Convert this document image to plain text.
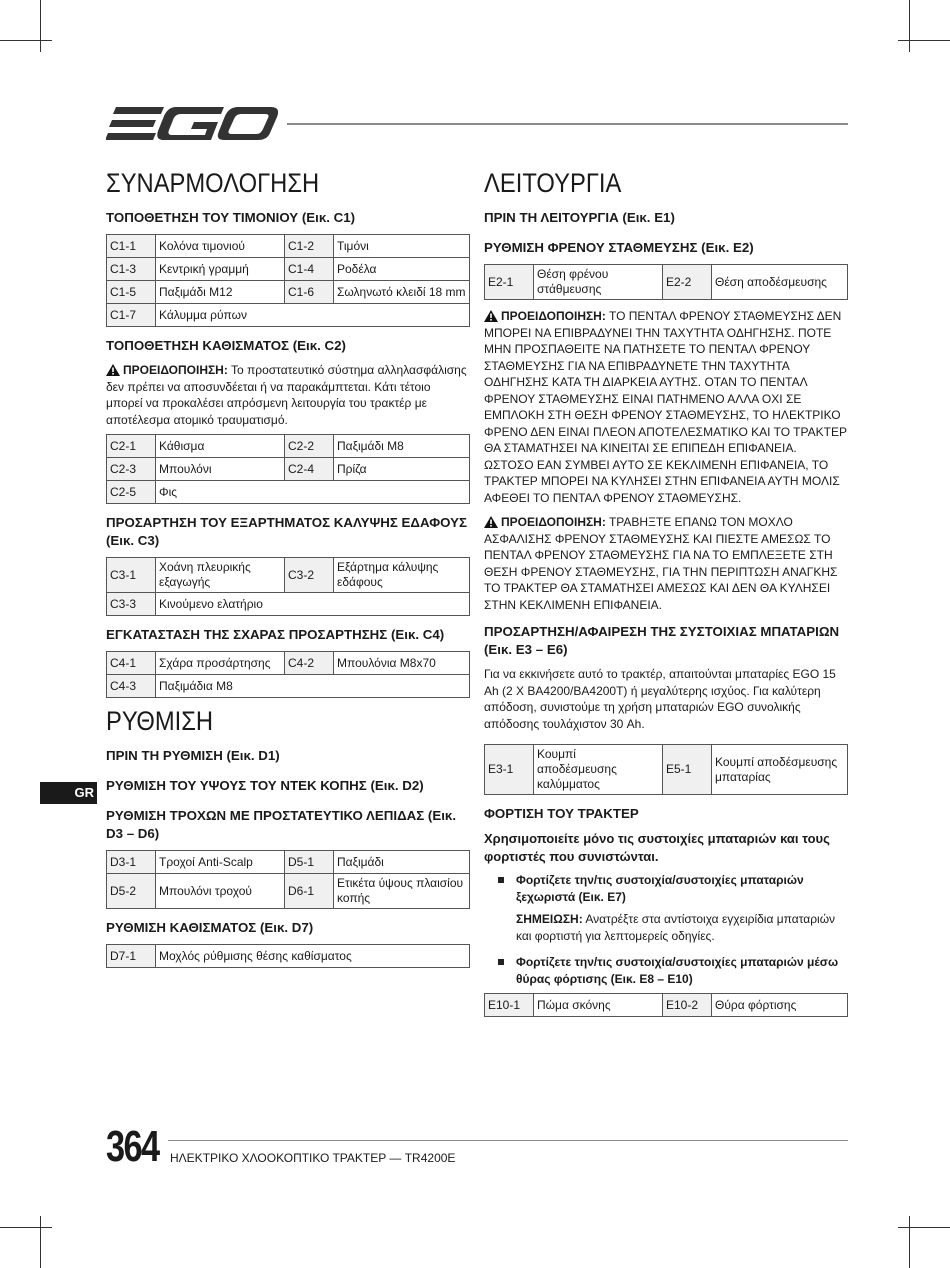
ΣΥΝΑΡΜΟΛΟΓΗΣΗ
ΤΟΠΟΘΕΤΗΣΗ ΤΟΥ ΤΙΜΟΝΙΟΥ (Εικ. C1)
C1-1	Κολόνα τιμονιού	C1-2	Τιμόνι
C1-3	Κεντρική γραμμή	C1-4	Ροδέλα
C1-5	Παξιμάδι M12	C1-6	Σωληνωτό κλειδί 18 mm
C1-7	Κάλυμμα ρύπων		
ΤΟΠΟΘΕΤΗΣΗ ΚΑΘΙΣΜΑΤΟΣ (Εικ. C2)

ΠΡΟΕΙΔΟΠΟΙΗΣΗ: Το προστατευτικό σύστημα αλληλασφάλισης δεν πρέπει να αποσυνδέεται ή να παρακάμπτεται. Κάτι τέτοιο μπορεί να προκαλέσει απρόσμενη λειτουργία του τρακτέρ με αποτέλεσμα ατομικό τραυματισμό.

C2-1	Κάθισμα	C2-2	Παξιμάδι M8
C2-3	Μπουλόνι	C2-4	Πρίζα
C2-5	Φις		
ΠΡΟΣΑΡΤΗΣΗ ΤΟΥ ΕΞΑΡΤΗΜΑΤΟΣ ΚΑΛΥΨΗΣ ΕΔΑΦΟΥΣ (Εικ. C3)
C3-1	Χοάνη πλευρικής εξαγωγής	C3-2	Εξάρτημα κάλυψης εδάφους
C3-3	Κινούμενο ελατήριο		
ΕΓΚΑΤΑΣΤΑΣΗ ΤΗΣ ΣΧΑΡΑΣ ΠΡΟΣΑΡΤΗΣΗΣ (Εικ. C4)
C4-1	Σχάρα προσάρτησης	C4-2	Μπουλόνια M8x70
C4-3	Παξιμάδια M8		
ΡΥΘΜΙΣΗ
ΠΡΙΝ ΤΗ ΡΥΘΜΙΣΗ (Εικ. D1)
ΡΥΘΜΙΣΗ ΤΟΥ ΥΨΟΥΣ ΤΟΥ ΝΤΕΚ ΚΟΠΗΣ (Εικ. D2)
ΡΥΘΜΙΣΗ ΤΡΟΧΩΝ ΜΕ ΠΡΟΣΤΑΤΕΥΤΙΚΟ ΛΕΠΙΔΑΣ (Εικ. D3 – D6)
D3-1	Τροχοί Anti-Scalp	D5-1	Παξιμάδι
D5-2	Μπουλόνι τροχού	D6-1	Ετικέτα ύψους πλαισίου κοπής
ΡΥΘΜΙΣΗ ΚΑΘΙΣΜΑΤΟΣ (Εικ. D7)
D7-1	Μοχλός ρύθμισης θέσης καθίσματος
ΛΕΙΤΟΥΡΓΙΑ
ΠΡΙΝ ΤΗ ΛΕΙΤΟΥΡΓΙΑ (Εικ. E1)
ΡΥΘΜΙΣΗ ΦΡΕΝΟΥ ΣΤΑΘΜΕΥΣΗΣ (Εικ. E2)
E2-1	Θέση φρένου στάθμευσης	E2-2	Θέση αποδέσμευσης

ΠΡΟΕΙΔΟΠΟΙΗΣΗ: ΤΟ ΠΕΝΤΑΛ ΦΡΕΝΟΥ ΣΤΑΘΜΕΥΣΗΣ ΔΕΝ ΜΠΟΡΕΙ ΝΑ ΕΠΙΒΡΑΔΥΝΕΙ ΤΗΝ ΤΑΧΥΤΗΤΑ ΟΔΗΓΗΣΗΣ. ΠΟΤΕ ΜΗΝ ΠΡΟΣΠΑΘΕΙΤΕ ΝΑ ΠΑΤΗΣΕΤΕ ΤΟ ΠΕΝΤΑΛ ΦΡΕΝΟΥ ΣΤΑΘΜΕΥΣΗΣ ΓΙΑ ΝΑ ΕΠΙΒΡΑΔΥΝΕΤΕ ΤΗΝ ΤΑΧΥΤΗΤΑ ΟΔΗΓΗΣΗΣ ΚΑΤΑ ΤΗ ΔΙΑΡΚΕΙΑ ΑΥΤΗΣ. ΟΤΑΝ ΤΟ ΠΕΝΤΑΛ ΦΡΕΝΟΥ ΣΤΑΘΜΕΥΣΗΣ ΕΙΝΑΙ ΠΑΤΗΜΕΝΟ ΑΛΛΑ ΟΧΙ ΣΕ ΕΜΠΛΟΚΗ ΣΤΗ ΘΕΣΗ ΦΡΕΝΟΥ ΣΤΑΘΜΕΥΣΗΣ, ΤΟ ΗΛΕΚΤΡΙΚΟ ΦΡΕΝΟ ΔΕΝ ΕΙΝΑΙ ΠΛΕΟΝ ΑΠΟΤΕΛΕΣΜΑΤΙΚΟ ΚΑΙ ΤΟ ΤΡΑΚΤΕΡ ΘΑ ΣΤΑΜΑΤΗΣΕΙ ΝΑ ΚΙΝΕΙΤΑΙ ΣΕ ΕΠΙΠΕΔΗ ΕΠΙΦΑΝΕΙΑ. ΩΣΤΟΣΟ ΕΑΝ ΣΥΜΒΕΙ ΑΥΤΟ ΣΕ ΚΕΚΛΙΜΕΝΗ ΕΠΙΦΑΝΕΙΑ, ΤΟ ΤΡΑΚΤΕΡ ΜΠΟΡΕΙ ΝΑ ΚΥΛΗΣΕΙ ΣΤΗΝ ΕΠΙΦΑΝΕΙΑ ΑΥΤΗ ΜΟΛΙΣ ΑΦΕΘΕΙ ΤΟ ΠΕΝΤΑΛ ΦΡΕΝΟΥ ΣΤΑΘΜΕΥΣΗΣ.

ΠΡΟΕΙΔΟΠΟΙΗΣΗ: ΤΡΑΒΗΞΤΕ ΕΠΑΝΩ ΤΟΝ ΜΟΧΛΟ ΑΣΦΑΛΙΣΗΣ ΦΡΕΝΟΥ ΣΤΑΘΜΕΥΣΗΣ ΚΑΙ ΠΙΕΣΤΕ ΑΜΕΣΩΣ ΤΟ ΠΕΝΤΑΛ ΦΡΕΝΟΥ ΣΤΑΘΜΕΥΣΗΣ ΓΙΑ ΝΑ ΤΟ ΕΜΠΛΕΞΕΤΕ ΣΤΗ ΘΕΣΗ ΦΡΕΝΟΥ ΣΤΑΘΜΕΥΣΗΣ, ΓΙΑ ΤΗΝ ΠΕΡΙΠΤΩΣΗ ΑΝΑΓΚΗΣ ΤΟ ΤΡΑΚΤΕΡ ΘΑ ΣΤΑΜΑΤΗΣΕΙ ΑΜΕΣΩΣ ΚΑΙ ΔΕΝ ΘΑ ΚΥΛΗΣΕΙ ΣΤΗΝ ΚΕΚΛΙΜΕΝΗ ΕΠΙΦΑΝΕΙΑ.

ΠΡΟΣΑΡΤΗΣΗ/ΑΦΑΙΡΕΣΗ ΤΗΣ ΣΥΣΤΟΙΧΙΑΣ ΜΠΑΤΑΡΙΩΝ (Εικ. E3 – E6)

Για να εκκινήσετε αυτό το τρακτέρ, απαιτούνται μπαταρίες EGO 15 Ah (2 X BA4200/BA4200T) ή μεγαλύτερης ισχύος. Για καλύτερη απόδοση, συνιστούμε τη χρήση μπαταριών EGO συνολικής απόδοσης τουλάχιστον 30 Ah.

E3-1	Κουμπί αποδέσμευσης καλύμματος	E5-1	Κουμπί αποδέσμευσης μπαταρίας
ΦΟΡΤΙΣΗ ΤΟΥ ΤΡΑΚΤΕΡ

Χρησιμοποιείτε μόνο τις συστοιχίες μπαταριών και τους φορτιστές που συνιστώνται.

Φορτίζετε την/τις συστοιχία/συστοιχίες μπαταριών ξεχωριστά (Εικ. E7)

ΣΗΜΕΙΩΣΗ: Ανατρέξτε στα αντίστοιχα εγχειρίδια μπαταριών και φορτιστή για λεπτομερείς οδηγίες.

Φορτίζετε την/τις συστοιχία/συστοιχίες μπαταριών μέσω θύρας φόρτισης (Εικ. E8 – E10)
E10-1	Πώμα σκόνης	E10-2	Θύρα φόρτισης
GR
364 ΗΛΕΚΤΡΙΚΟ ΧΛΟΟΚΟΠΤΙΚΟ ΤΡΑΚΤΕΡ — TR4200E
